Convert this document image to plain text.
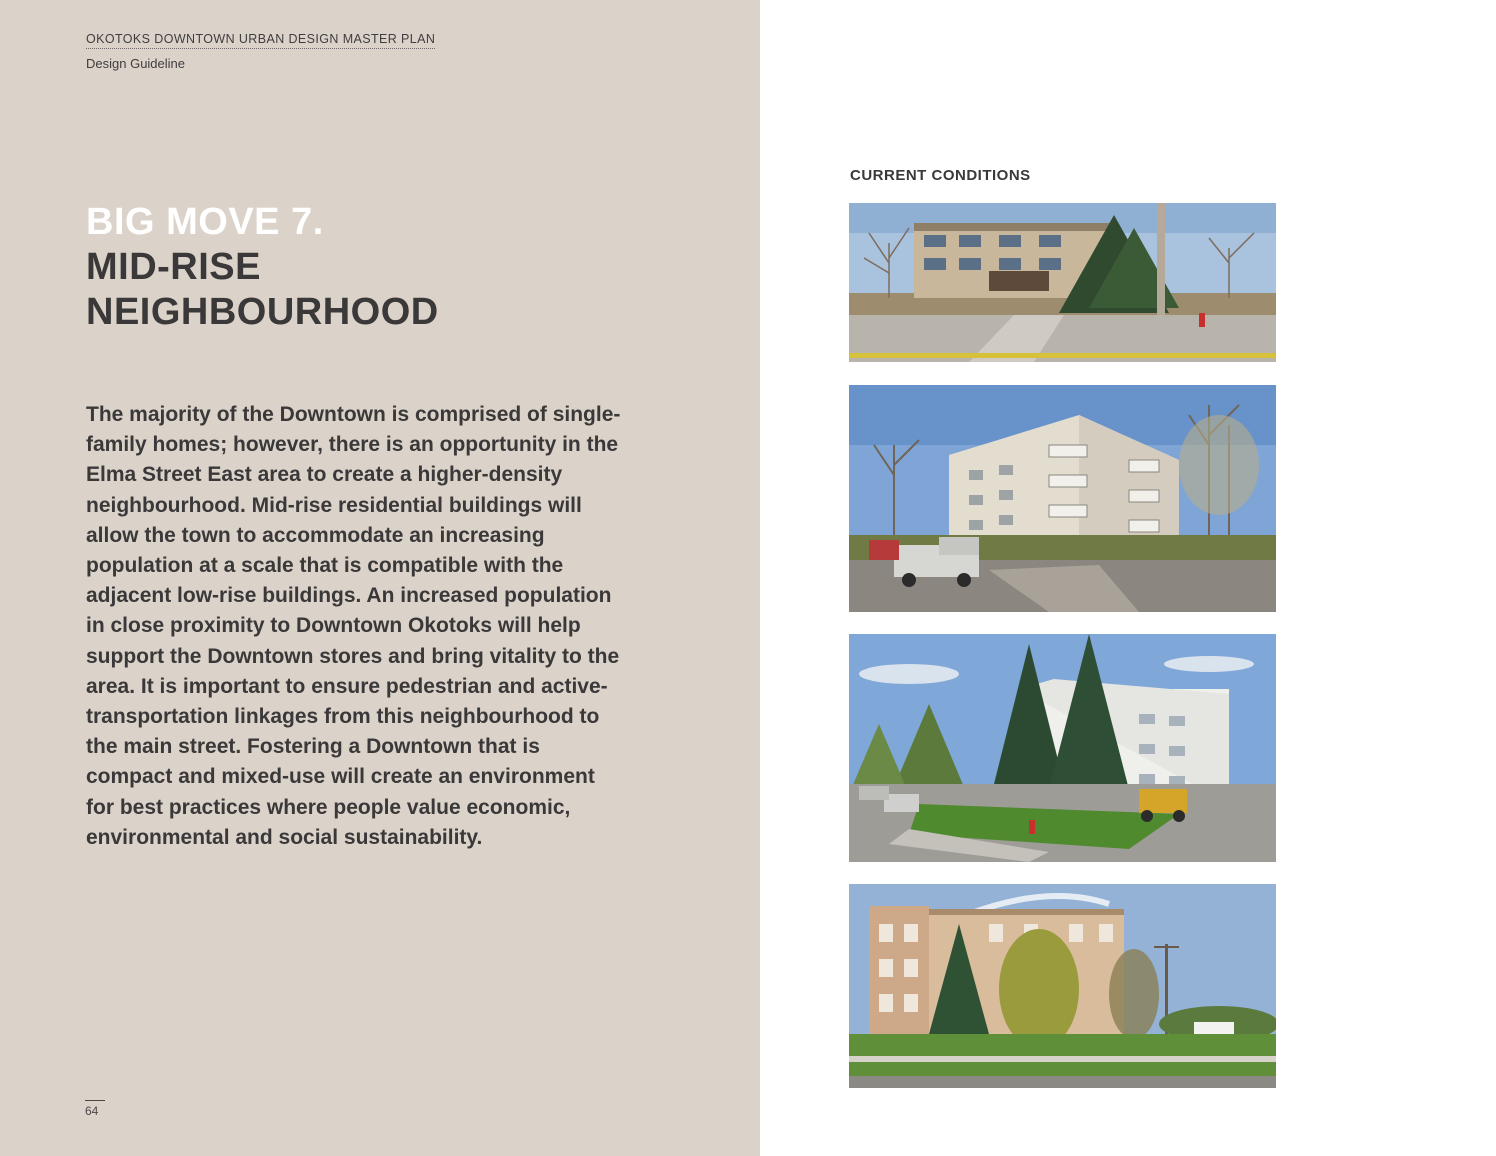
OKOTOKS DOWNTOWN URBAN DESIGN MASTER PLAN
Design Guideline
BIG MOVE 7.
MID-RISE
NEIGHBOURHOOD

The majority of the Downtown is comprised of single-family homes; however, there is an opportunity in the Elma Street East area to create a higher-density neighbourhood. Mid-rise residential buildings will allow the town to accommodate an increasing population at a scale that is compatible with the adjacent low-rise buildings. An increased population in close proximity to Downtown Okotoks will help support the Downtown stores and bring vitality to the area. It is important to ensure pedestrian and active-transportation linkages from this neighbourhood to the main street. Fostering a Downtown that is compact and mixed-use will create an environment for best practices where people value economic, environmental and social sustainability.

64
CURRENT CONDITIONS
